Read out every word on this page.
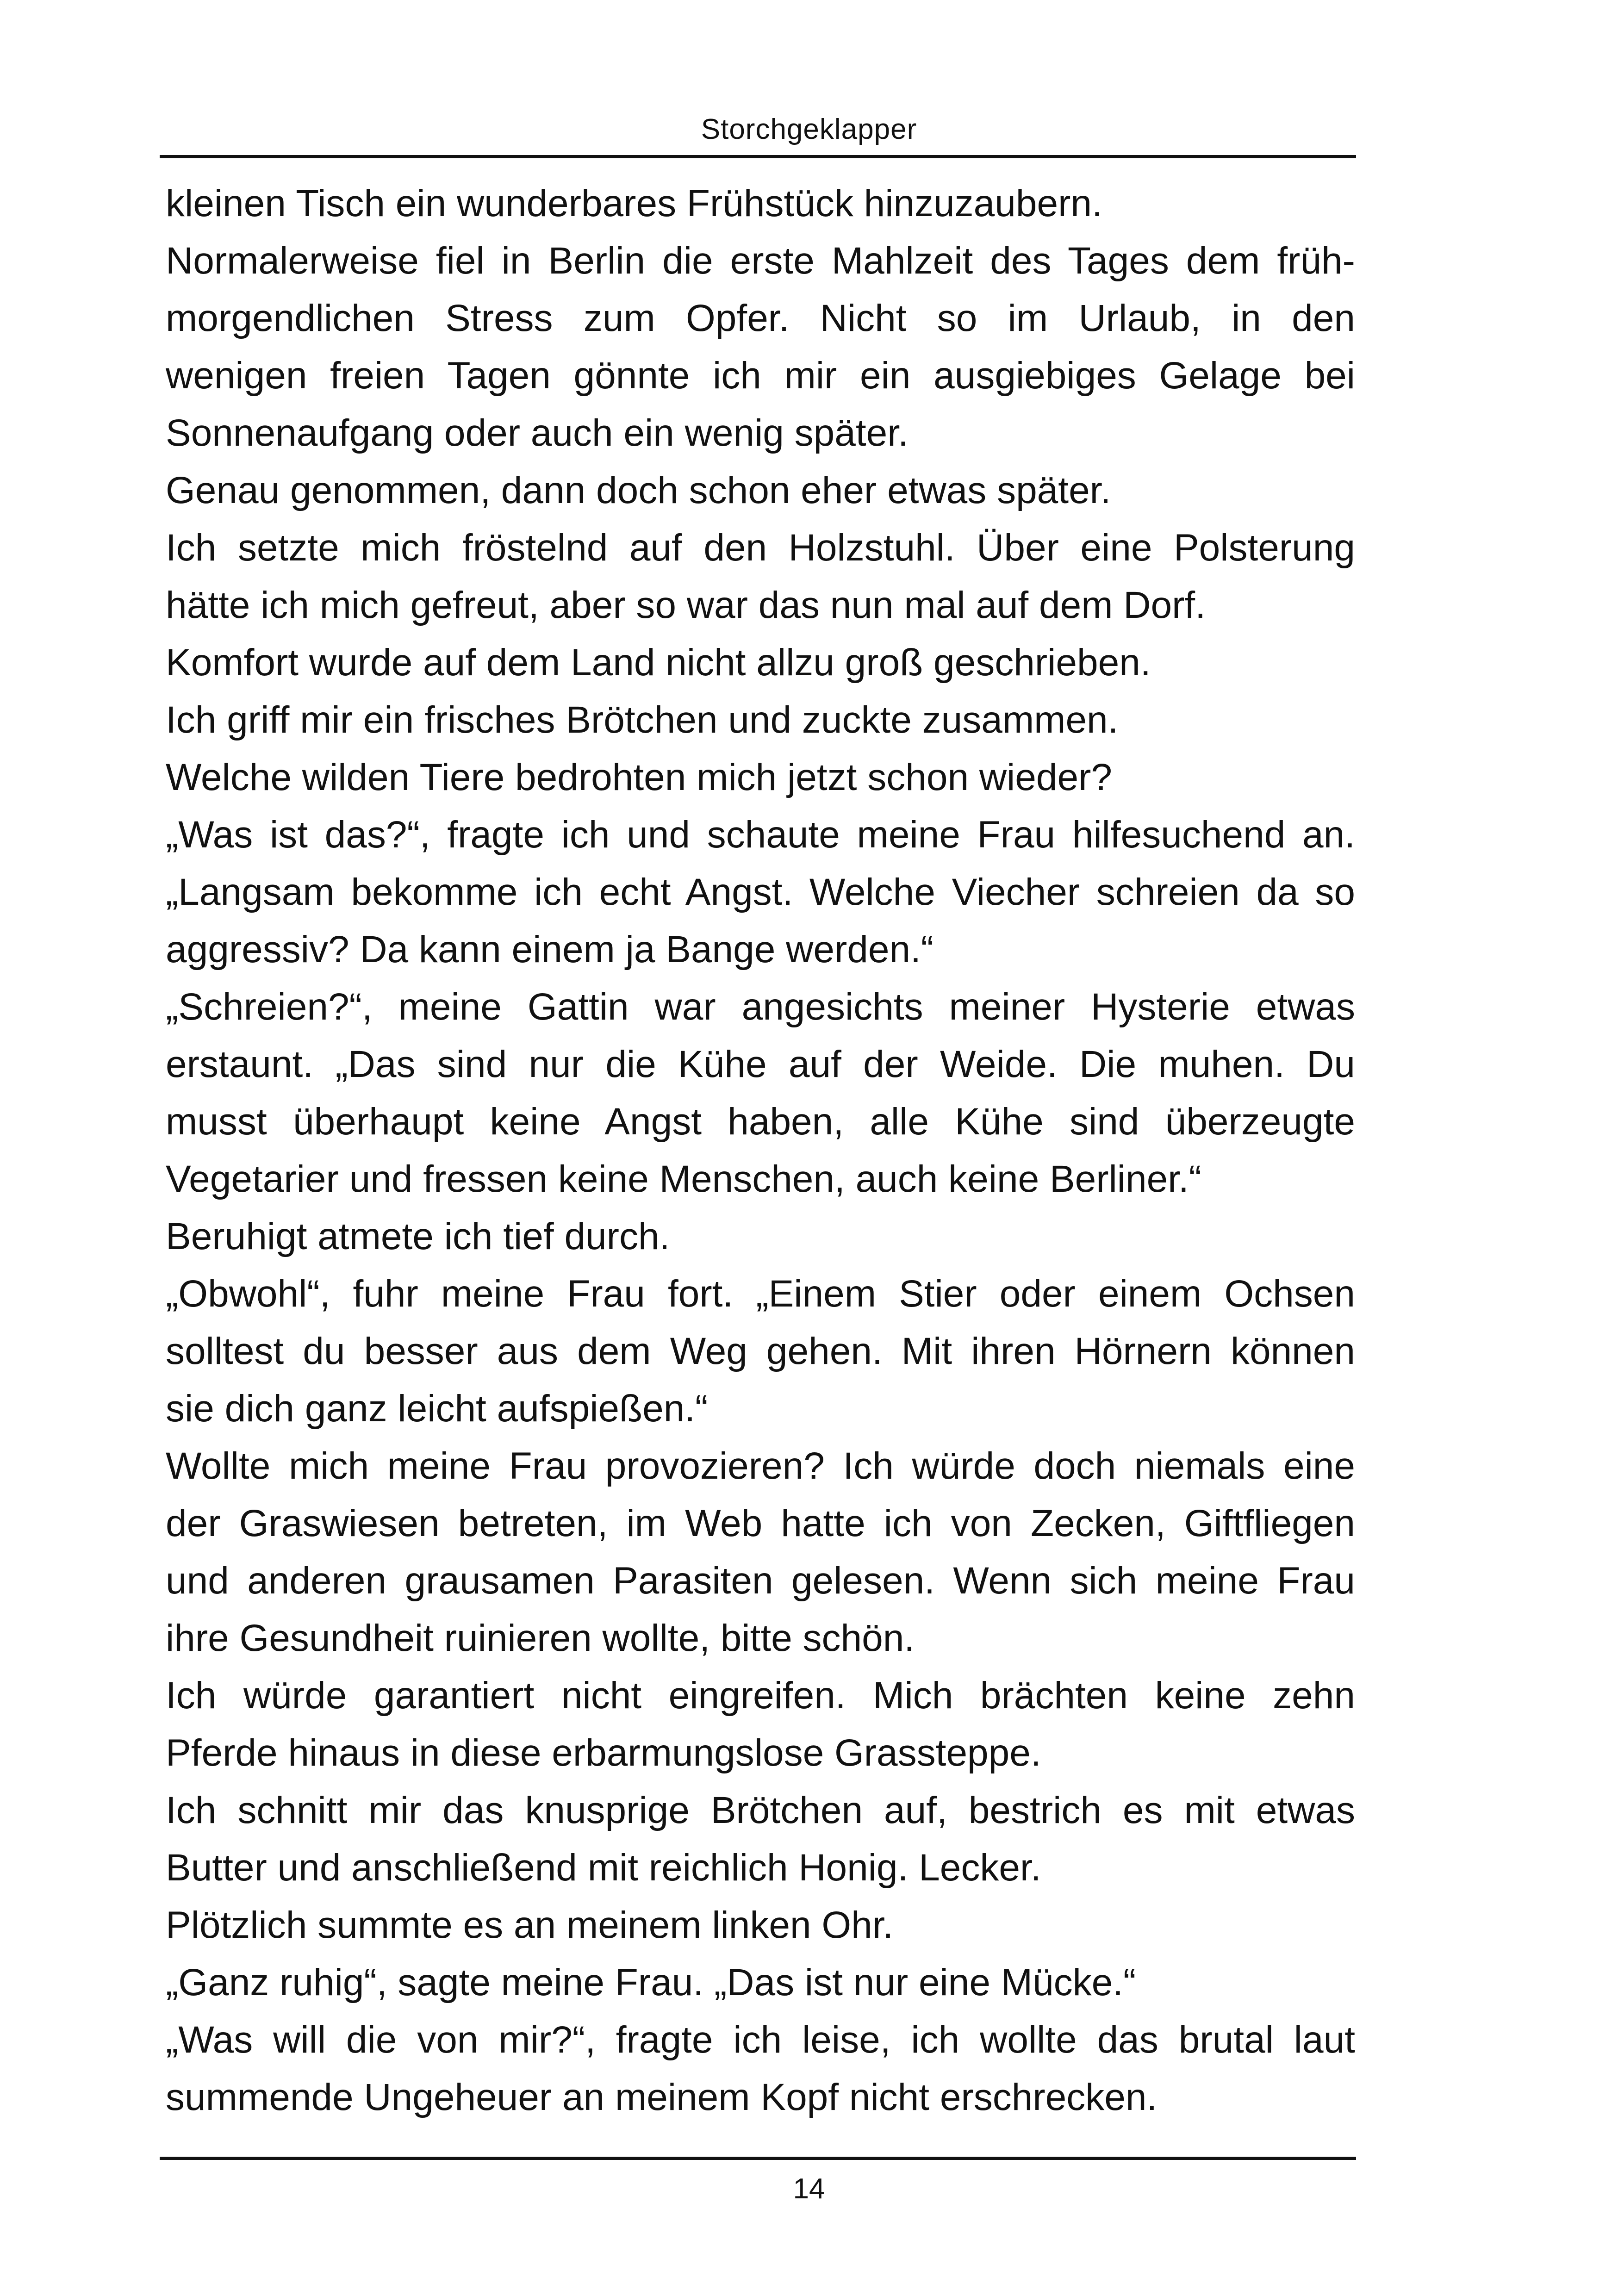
Storchgeklapper
kleinen Tisch ein wunderbares Frühstück hinzuzaubern.
Normalerweise fiel in Berlin die erste Mahlzeit des Tages dem früh-
morgendlichen Stress zum Opfer. Nicht so im Urlaub, in den
wenigen freien Tagen gönnte ich mir ein ausgiebiges Gelage bei
Sonnenaufgang oder auch ein wenig später.
Genau genommen, dann doch schon eher etwas später.
Ich setzte mich fröstelnd auf den Holzstuhl. Über eine Polsterung
hätte ich mich gefreut, aber so war das nun mal auf dem Dorf.
Komfort wurde auf dem Land nicht allzu groß geschrieben.
Ich griff mir ein frisches Brötchen und zuckte zusammen.
Welche wilden Tiere bedrohten mich jetzt schon wieder?
„Was ist das?“, fragte ich und schaute meine Frau hilfesuchend an.
„Langsam bekomme ich echt Angst. Welche Viecher schreien da so
aggressiv? Da kann einem ja Bange werden.“
„Schreien?“, meine Gattin war angesichts meiner Hysterie etwas
erstaunt. „Das sind nur die Kühe auf der Weide. Die muhen. Du
musst überhaupt keine Angst haben, alle Kühe sind überzeugte
Vegetarier und fressen keine Menschen, auch keine Berliner.“
Beruhigt atmete ich tief durch.
„Obwohl“, fuhr meine Frau fort. „Einem Stier oder einem Ochsen
solltest du besser aus dem Weg gehen. Mit ihren Hörnern können
sie dich ganz leicht aufspießen.“
Wollte mich meine Frau provozieren? Ich würde doch niemals eine
der Graswiesen betreten, im Web hatte ich von Zecken, Giftfliegen
und anderen grausamen Parasiten gelesen. Wenn sich meine Frau
ihre Gesundheit ruinieren wollte, bitte schön.
Ich würde garantiert nicht eingreifen. Mich brächten keine zehn
Pferde hinaus in diese erbarmungslose Grassteppe.
Ich schnitt mir das knusprige Brötchen auf, bestrich es mit etwas
Butter und anschließend mit reichlich Honig. Lecker.
Plötzlich summte es an meinem linken Ohr.
„Ganz ruhig“, sagte meine Frau. „Das ist nur eine Mücke.“
„Was will die von mir?“, fragte ich leise, ich wollte das brutal laut
summende Ungeheuer an meinem Kopf nicht erschrecken.
14
